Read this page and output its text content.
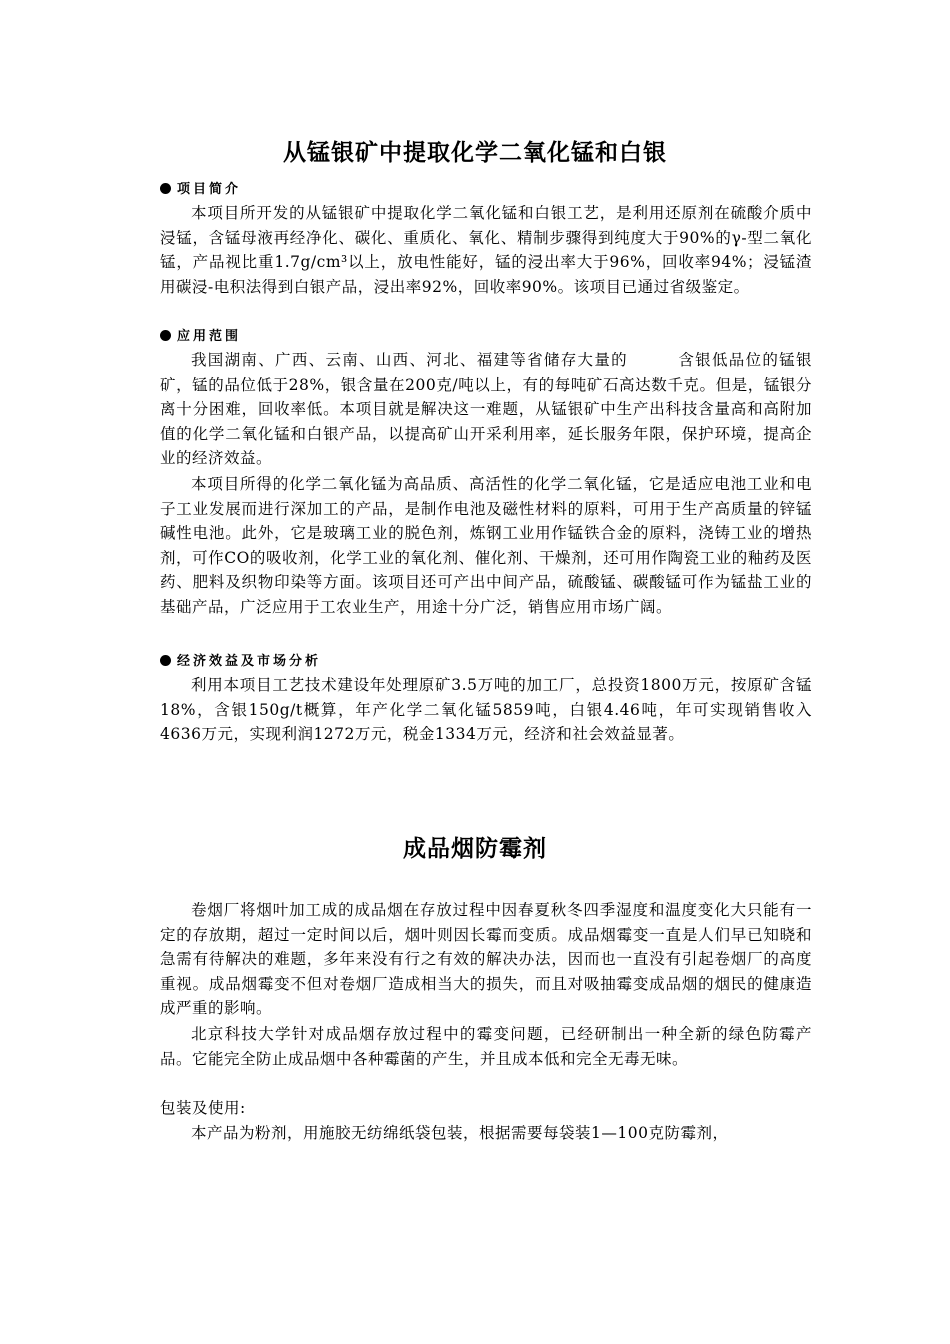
从锰银矿中提取化学二氧化锰和白银
项目简介

本项目所开发的从锰银矿中提取化学二氧化锰和白银工艺，是利用还原剂在硫酸介质中浸锰，含锰母液再经净化、碳化、重质化、氧化、精制步骤得到纯度大于90%的γ-型二氧化锰，产品视比重1.7g/cm³以上，放电性能好，锰的浸出率大于96%，回收率94%；浸锰渣用碳浸-电积法得到白银产品，浸出率92%，回收率90%。该项目已通过省级鉴定。

应用范围

我国湖南、广西、云南、山西、河北、福建等省储存大量的　　　含银低品位的锰银矿，锰的品位低于28%，银含量在200克/吨以上，有的每吨矿石高达数千克。但是，锰银分离十分困难，回收率低。本项目就是解决这一难题，从锰银矿中生产出科技含量高和高附加值的化学二氧化锰和白银产品，以提高矿山开采利用率，延长服务年限，保护环境，提高企业的经济效益。

本项目所得的化学二氧化锰为高品质、高活性的化学二氧化锰，它是适应电池工业和电子工业发展而进行深加工的产品，是制作电池及磁性材料的原料，可用于生产高质量的锌锰碱性电池。此外，它是玻璃工业的脱色剂，炼钢工业用作锰铁合金的原料，浇铸工业的增热剂，可作CO的吸收剂，化学工业的氧化剂、催化剂、干燥剂，还可用作陶瓷工业的釉药及医药、肥料及织物印染等方面。该项目还可产出中间产品，硫酸锰、碳酸锰可作为锰盐工业的基础产品，广泛应用于工农业生产，用途十分广泛，销售应用市场广阔。

经济效益及市场分析

利用本项目工艺技术建设年处理原矿3.5万吨的加工厂，总投资1800万元，按原矿含锰18%，含银150g/t概算，年产化学二氧化锰5859吨，白银4.46吨，年可实现销售收入4636万元，实现利润1272万元，税金1334万元，经济和社会效益显著。

成品烟防霉剂

卷烟厂将烟叶加工成的成品烟在存放过程中因春夏秋冬四季湿度和温度变化大只能有一定的存放期，超过一定时间以后，烟叶则因长霉而变质。成品烟霉变一直是人们早已知晓和急需有待解决的难题，多年来没有行之有效的解决办法，因而也一直没有引起卷烟厂的高度重视。成品烟霉变不但对卷烟厂造成相当大的损失，而且对吸抽霉变成品烟的烟民的健康造成严重的影响。

北京科技大学针对成品烟存放过程中的霉变问题，已经研制出一种全新的绿色防霉产品。它能完全防止成品烟中各种霉菌的产生，并且成本低和完全无毒无味。

包装及使用:

本产品为粉剂，用施胶无纺绵纸袋包装，根据需要每袋装1—100克防霉剂，
